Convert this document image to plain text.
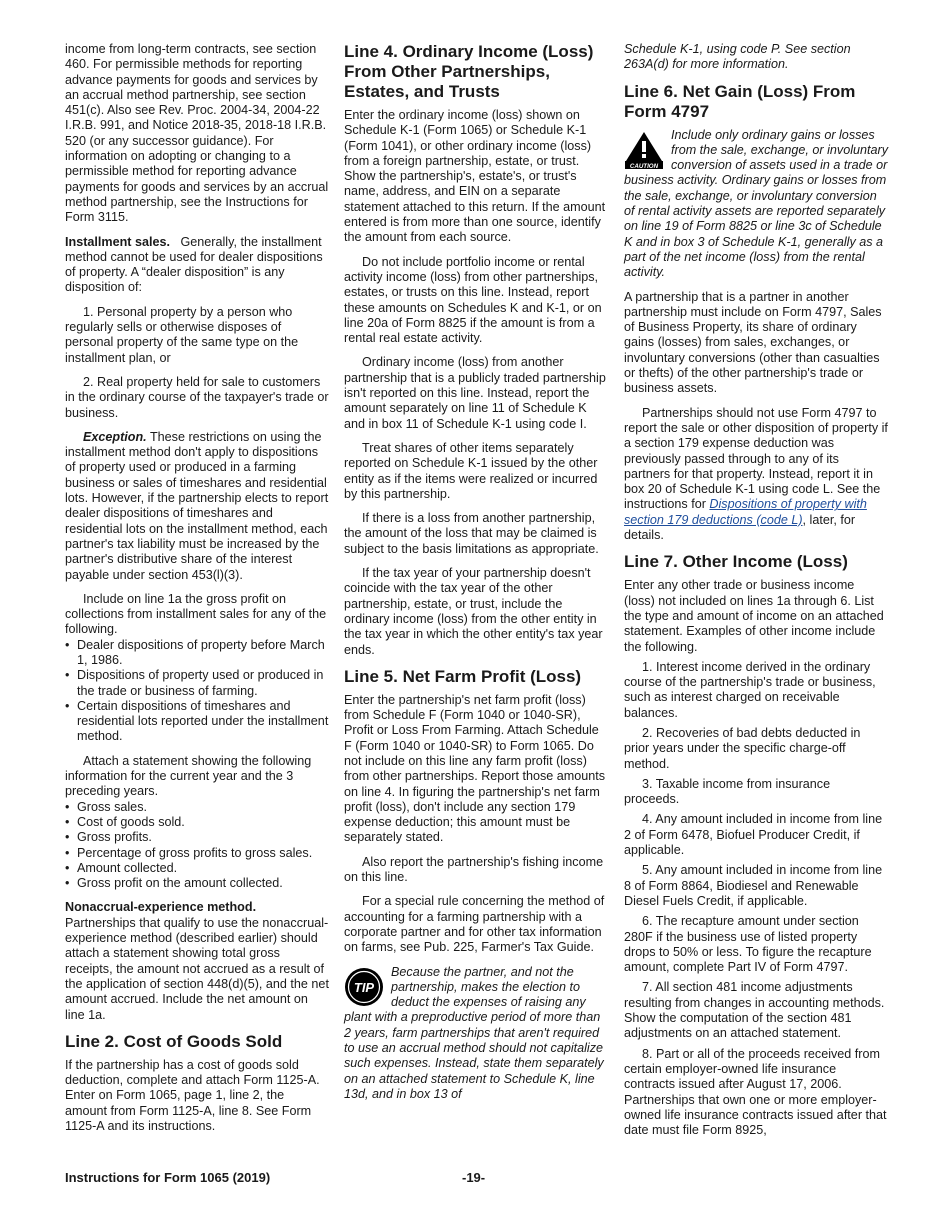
income from long-term contracts, see section 460. For permissible methods for reporting advance payments for goods and services by an accrual method partnership, see section 451(c). Also see Rev. Proc. 2004-34, 2004-22 I.R.B. 991, and Notice 2018-35, 2018-18 I.R.B. 520 (or any successor guidance). For information on adopting or changing to a permissible method for reporting advance payments for goods and services by an accrual method partnership, see the Instructions for Form 3115.

Installment sales. Generally, the installment method cannot be used for dealer dispositions of property. A “dealer disposition” is any disposition of:

1. Personal property by a person who regularly sells or otherwise disposes of personal property of the same type on the installment plan, or

2. Real property held for sale to customers in the ordinary course of the taxpayer's trade or business.

Exception. These restrictions on using the installment method don't apply to dispositions of property used or produced in a farming business or sales of timeshares and residential lots. However, if the partnership elects to report dealer dispositions of timeshares and residential lots on the installment method, each partner's tax liability must be increased by the partner's distributive share of the interest payable under section 453(l)(3).

Include on line 1a the gross profit on collections from installment sales for any of the following.

• Dealer dispositions of property before March 1, 1986.
• Dispositions of property used or produced in the trade or business of farming.
• Certain dispositions of timeshares and residential lots reported under the installment method.

Attach a statement showing the following information for the current year and the 3 preceding years.

• Gross sales.
• Cost of goods sold.
• Gross profits.
• Percentage of gross profits to gross sales.
• Amount collected.
• Gross profit on the amount collected.

Nonaccrual-experience method.
Partnerships that qualify to use the nonaccrual-experience method (described earlier) should attach a statement showing total gross receipts, the amount not accrued as a result of the application of section 448(d)(5), and the net amount accrued. Include the net amount on line 1a.

Line 2. Cost of Goods Sold

If the partnership has a cost of goods sold deduction, complete and attach Form 1125-A. Enter on Form 1065, page 1, line 2, the amount from Form 1125-A, line 8. See Form 1125-A and its instructions.

Line 4. Ordinary Income (Loss) From Other Partnerships, Estates, and Trusts

Enter the ordinary income (loss) shown on Schedule K-1 (Form 1065) or Schedule K-1 (Form 1041), or other ordinary income (loss) from a foreign partnership, estate, or trust. Show the partnership's, estate's, or trust's name, address, and EIN on a separate statement attached to this return. If the amount entered is from more than one source, identify the amount from each source.

Do not include portfolio income or rental activity income (loss) from other partnerships, estates, or trusts on this line. Instead, report these amounts on Schedules K and K-1, or on line 20a of Form 8825 if the amount is from a rental real estate activity.

Ordinary income (loss) from another partnership that is a publicly traded partnership isn't reported on this line. Instead, report the amount separately on line 11 of Schedule K and in box 11 of Schedule K-1 using code I.

Treat shares of other items separately reported on Schedule K-1 issued by the other entity as if the items were realized or incurred by this partnership.

If there is a loss from another partnership, the amount of the loss that may be claimed is subject to the basis limitations as appropriate.

If the tax year of your partnership doesn't coincide with the tax year of the other partnership, estate, or trust, include the ordinary income (loss) from the other entity in the tax year in which the other entity's tax year ends.

Line 5. Net Farm Profit (Loss)

Enter the partnership's net farm profit (loss) from Schedule F (Form 1040 or 1040-SR), Profit or Loss From Farming. Attach Schedule F (Form 1040 or 1040-SR) to Form 1065. Do not include on this line any farm profit (loss) from other partnerships. Report those amounts on line 4. In figuring the partnership's net farm profit (loss), don't include any section 179 expense deduction; this amount must be separately stated.

Also report the partnership's fishing income on this line.

For a special rule concerning the method of accounting for a farming partnership with a corporate partner and for other tax information on farms, see Pub. 225, Farmer's Tax Guide.

TIP
Because the partner, and not the partnership, makes the election to deduct the expenses of raising any plant with a preproductive period of more than 2 years, farm partnerships that aren't required to use an accrual method should not capitalize such expenses. Instead, state them separately on an attached statement to Schedule K, line 13d, and in box 13 of

Schedule K-1, using code P. See section 263A(d) for more information.

Line 6. Net Gain (Loss) From Form 4797
CAUTION
Include only ordinary gains or losses from the sale, exchange, or involuntary conversion of assets used in a trade or business activity. Ordinary gains or losses from the sale, exchange, or involuntary conversion of rental activity assets are reported separately on line 19 of Form 8825 or line 3c of Schedule K and in box 3 of Schedule K-1, generally as a part of the net income (loss) from the rental activity.

A partnership that is a partner in another partnership must include on Form 4797, Sales of Business Property, its share of ordinary gains (losses) from sales, exchanges, or involuntary conversions (other than casualties or thefts) of the other partnership's trade or business assets.

Partnerships should not use Form 4797 to report the sale or other disposition of property if a section 179 expense deduction was previously passed through to any of its partners for that property. Instead, report it in box 20 of Schedule K-1 using code L. See the instructions for Dispositions of property with section 179 deductions (code L), later, for details.

Line 7. Other Income (Loss)

Enter any other trade or business income (loss) not included on lines 1a through 6. List the type and amount of income on an attached statement. Examples of other income include the following.

1. Interest income derived in the ordinary course of the partnership's trade or business, such as interest charged on receivable balances.

2. Recoveries of bad debts deducted in prior years under the specific charge-off method.

3. Taxable income from insurance proceeds.

4. Any amount included in income from line 2 of Form 6478, Biofuel Producer Credit, if applicable.

5. Any amount included in income from line 8 of Form 8864, Biodiesel and Renewable Diesel Fuels Credit, if applicable.

6. The recapture amount under section 280F if the business use of listed property drops to 50% or less. To figure the recapture amount, complete Part IV of Form 4797.

7. All section 481 income adjustments resulting from changes in accounting methods. Show the computation of the section 481 adjustments on an attached statement.

8. Part or all of the proceeds received from certain employer-owned life insurance contracts issued after August 17, 2006. Partnerships that own one or more employer-owned life insurance contracts issued after that date must file Form 8925,

Instructions for Form 1065 (2019)	-19-
